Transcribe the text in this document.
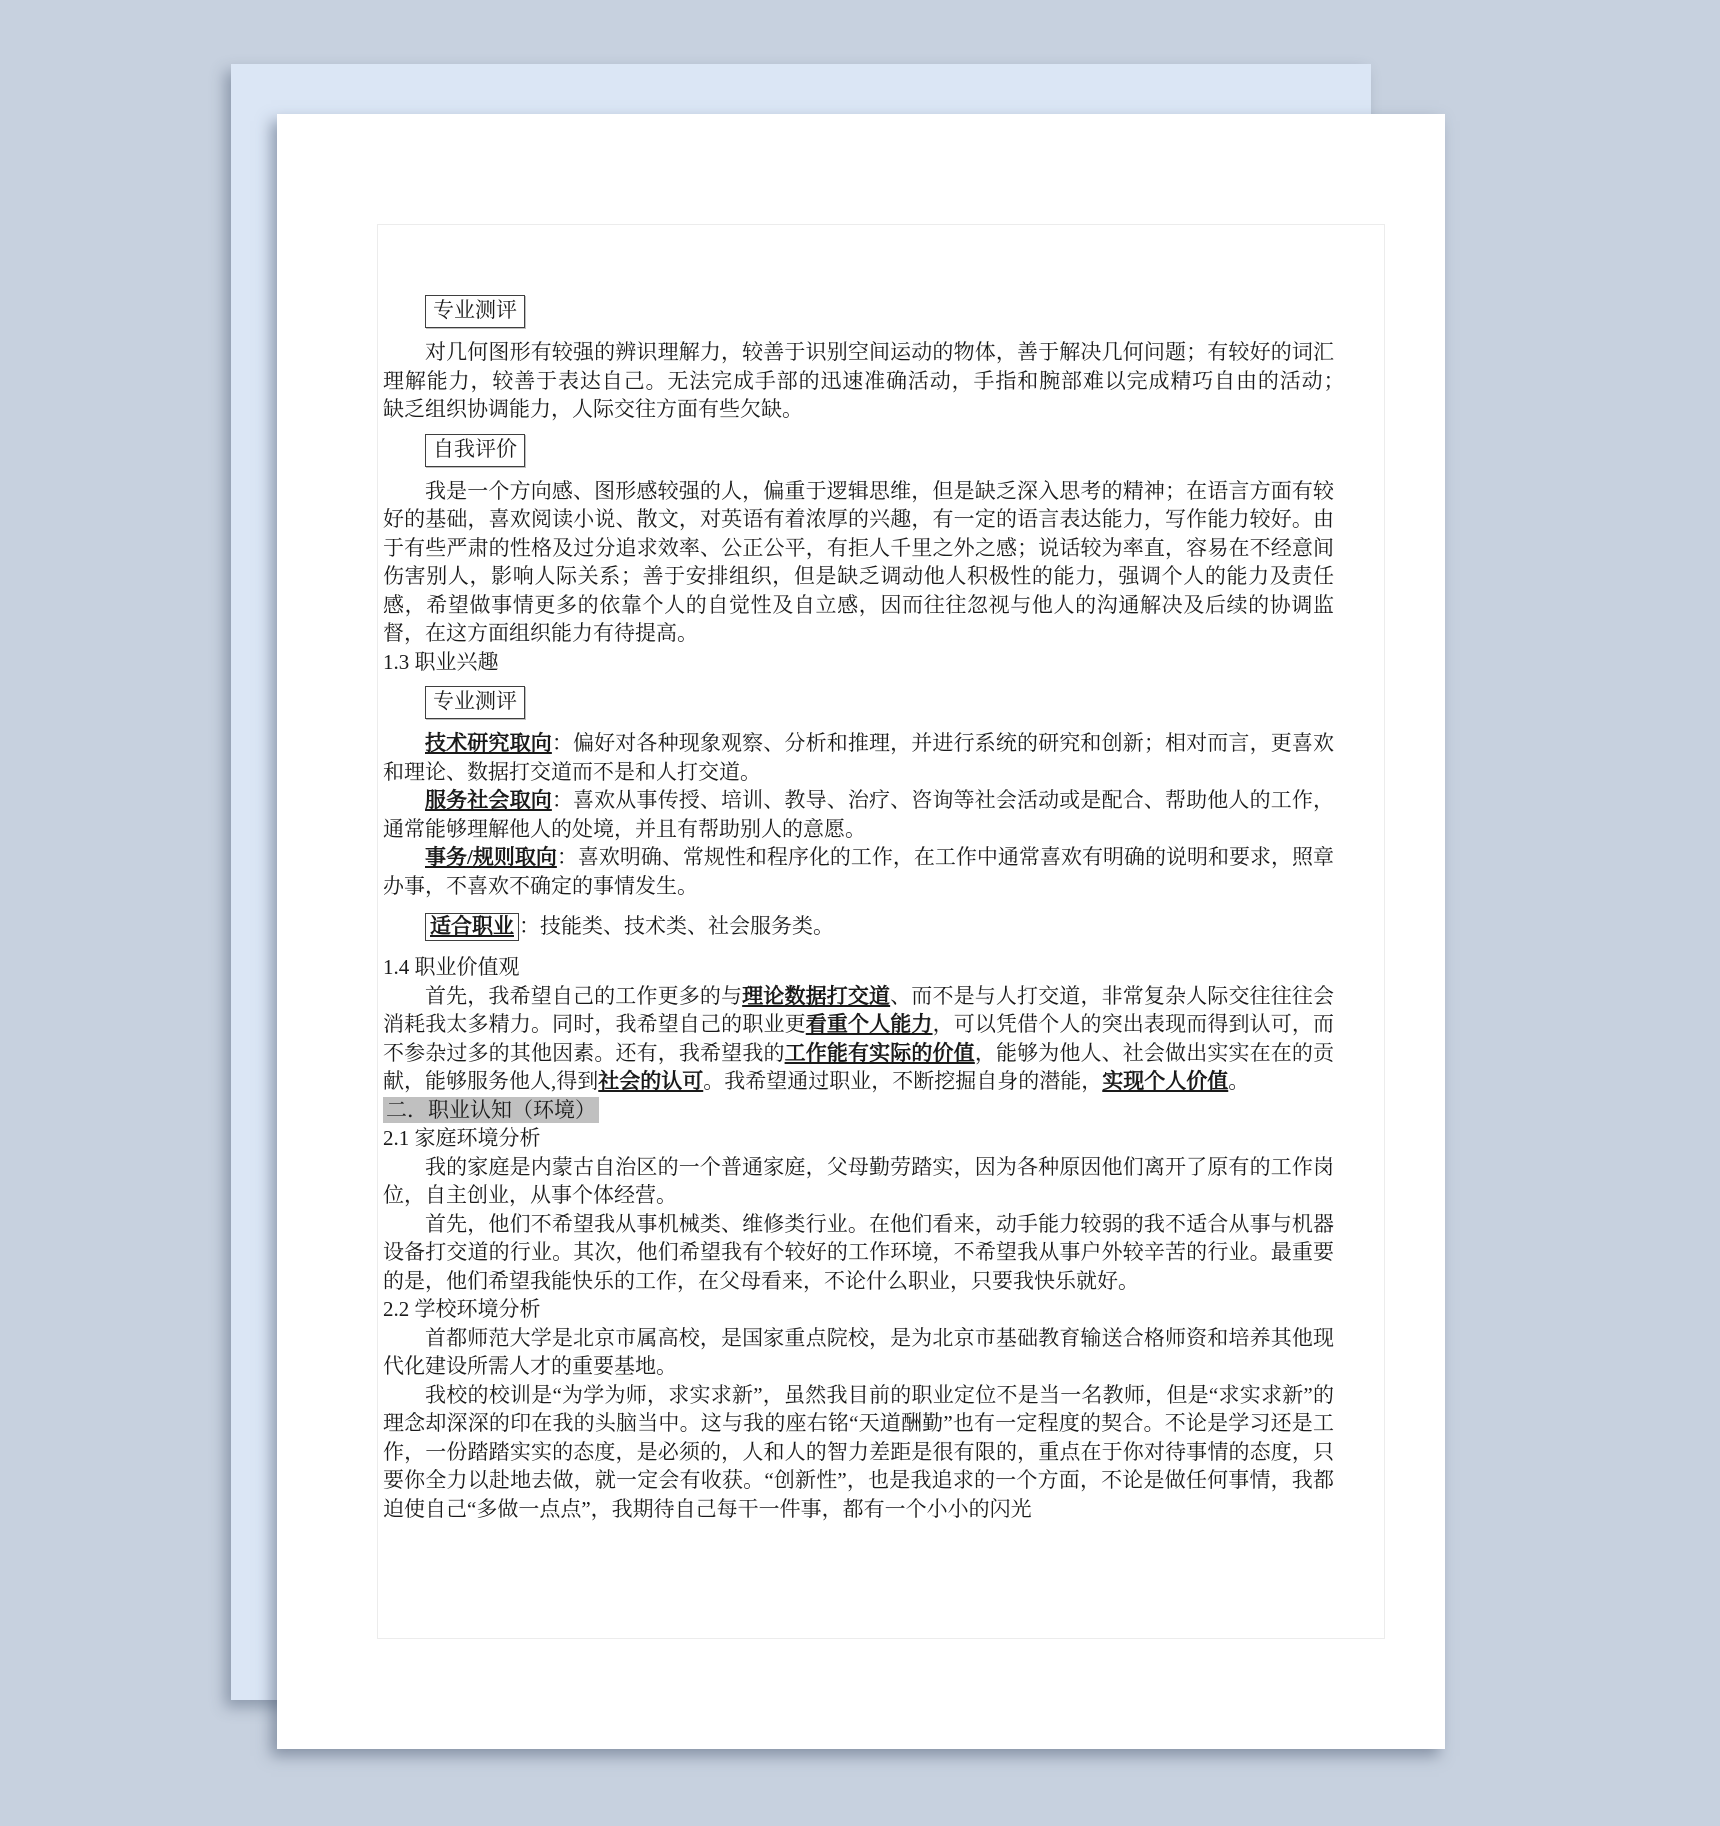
专业测评

对几何图形有较强的辨识理解力，较善于识别空间运动的物体，善于解决几何问题；有较好的词汇理解能力，较善于表达自己。无法完成手部的迅速准确活动，手指和腕部难以完成精巧自由的活动；　缺乏组织协调能力，人际交往方面有些欠缺。

自我评价

我是一个方向感、图形感较强的人，偏重于逻辑思维，但是缺乏深入思考的精神；在语言方面有较好的基础，喜欢阅读小说、散文，对英语有着浓厚的兴趣，有一定的语言表达能力，写作能力较好。由于有些严肃的性格及过分追求效率、公正公平，有拒人千里之外之感；说话较为率直，容易在不经意间伤害别人，影响人际关系；善于安排组织，但是缺乏调动他人积极性的能力，强调个人的能力及责任感，希望做事情更多的依靠个人的自觉性及自立感，因而往往忽视与他人的沟通解决及后续的协调监督，在这方面组织能力有待提高。

1.3 职业兴趣

专业测评

技术研究取向：偏好对各种现象观察、分析和推理，并进行系统的研究和创新；相对而言，更喜欢和理论、数据打交道而不是和人打交道。

服务社会取向：喜欢从事传授、培训、教导、治疗、咨询等社会活动或是配合、帮助他人的工作，通常能够理解他人的处境，并且有帮助别人的意愿。

事务/规则取向：喜欢明确、常规性和程序化的工作，在工作中通常喜欢有明确的说明和要求，照章办事，不喜欢不确定的事情发生。

适合职业 ：技能类、技术类、社会服务类。

1.4 职业价值观

首先，我希望自己的工作更多的与理论数据打交道、而不是与人打交道，非常复杂人际交往往往会消耗我太多精力。同时，我希望自己的职业更看重个人能力，可以凭借个人的突出表现而得到认可，而不参杂过多的其他因素。还有，我希望我的工作能有实际的价值，能够为他人、社会做出实实在在的贡献，能够服务他人,得到社会的认可。我希望通过职业，不断挖掘自身的潜能，实现个人价值。

二．职业认知（环境）

2.1 家庭环境分析

我的家庭是内蒙古自治区的一个普通家庭，父母勤劳踏实，因为各种原因他们离开了原有的工作岗位，自主创业，从事个体经营。

首先，他们不希望我从事机械类、维修类行业。在他们看来，动手能力较弱的我不适合从事与机器设备打交道的行业。其次，他们希望我有个较好的工作环境，不希望我从事户外较辛苦的行业。最重要的是，他们希望我能快乐的工作，在父母看来，不论什么职业，只要我快乐就好。

2.2 学校环境分析

首都师范大学是北京市属高校，是国家重点院校，是为北京市基础教育输送合格师资和培养其他现代化建设所需人才的重要基地。

我校的校训是“为学为师，求实求新”，虽然我目前的职业定位不是当一名教师，但是“求实求新”的理念却深深的印在我的头脑当中。这与我的座右铭“天道酬勤”也有一定程度的契合。不论是学习还是工作，一份踏踏实实的态度，是必须的，人和人的智力差距是很有限的，重点在于你对待事情的态度，只要你全力以赴地去做，就一定会有收获。“创新性”，也是我追求的一个方面，不论是做任何事情，我都迫使自己“多做一点点”，我期待自己每干一件事，都有一个小小的闪光
